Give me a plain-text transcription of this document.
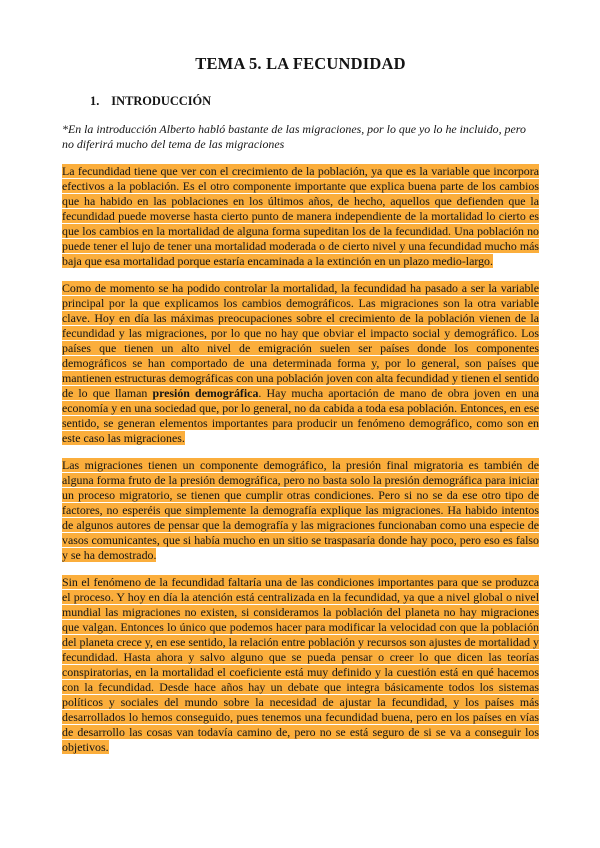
TEMA 5. LA FECUNDIDAD
1. INTRODUCCIÓN

*En la introducción Alberto habló bastante de las migraciones, por lo que yo lo he incluido, pero no diferirá mucho del tema de las migraciones

La fecundidad tiene que ver con el crecimiento de la población, ya que es la variable que incorpora efectivos a la población. Es el otro componente importante que explica buena parte de los cambios que ha habido en las poblaciones en los últimos años, de hecho, aquellos que defienden que la fecundidad puede moverse hasta cierto punto de manera independiente de la mortalidad lo cierto es que los cambios en la mortalidad de alguna forma supeditan los de la fecundidad. Una población no puede tener el lujo de tener una mortalidad moderada o de cierto nivel y una fecundidad mucho más baja que esa mortalidad porque estaría encaminada a la extinción en un plazo medio-largo.

Como de momento se ha podido controlar la mortalidad, la fecundidad ha pasado a ser la variable principal por la que explicamos los cambios demográficos. Las migraciones son la otra variable clave. Hoy en día las máximas preocupaciones sobre el crecimiento de la población vienen de la fecundidad y las migraciones, por lo que no hay que obviar el impacto social y demográfico. Los países que tienen un alto nivel de emigración suelen ser países donde los componentes demográficos se han comportado de una determinada forma y, por lo general, son países que mantienen estructuras demográficas con una población joven con alta fecundidad y tienen el sentido de lo que llaman presión demográfica. Hay mucha aportación de mano de obra joven en una economía y en una sociedad que, por lo general, no da cabida a toda esa población. Entonces, en ese sentido, se generan elementos importantes para producir un fenómeno demográfico, como son en este caso las migraciones.

Las migraciones tienen un componente demográfico, la presión final migratoria es también de alguna forma fruto de la presión demográfica, pero no basta solo la presión demográfica para iniciar un proceso migratorio, se tienen que cumplir otras condiciones. Pero si no se da ese otro tipo de factores, no esperéis que simplemente la demografía explique las migraciones. Ha habido intentos de algunos autores de pensar que la demografía y las migraciones funcionaban como una especie de vasos comunicantes, que si había mucho en un sitio se traspasaría donde hay poco, pero eso es falso y se ha demostrado.

Sin el fenómeno de la fecundidad faltaría una de las condiciones importantes para que se produzca el proceso. Y hoy en día la atención está centralizada en la fecundidad, ya que a nivel global o nivel mundial las migraciones no existen, si consideramos la población del planeta no hay migraciones que valgan. Entonces lo único que podemos hacer para modificar la velocidad con que la población del planeta crece y, en ese sentido, la relación entre población y recursos son ajustes de mortalidad y fecundidad. Hasta ahora y salvo alguno que se pueda pensar o creer lo que dicen las teorías conspiratorias, en la mortalidad el coeficiente está muy definido y la cuestión está en qué hacemos con la fecundidad. Desde hace años hay un debate que integra básicamente todos los sistemas políticos y sociales del mundo sobre la necesidad de ajustar la fecundidad, y los países más desarrollados lo hemos conseguido, pues tenemos una fecundidad buena, pero en los países en vías de desarrollo las cosas van todavía camino de, pero no se está seguro de si se va a conseguir los objetivos.
